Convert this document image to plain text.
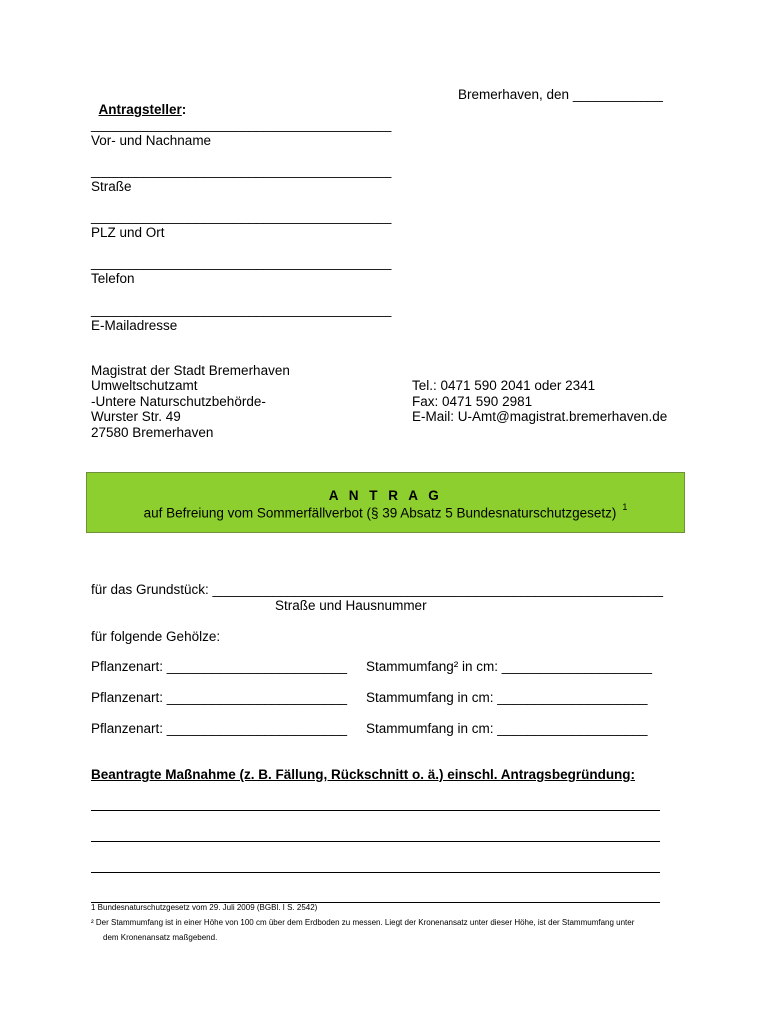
Antragsteller:

Bremerhaven, den ____________
________________________________________
Vor- und Nachname
________________________________________
Straße
________________________________________
PLZ und Ort
________________________________________
Telefon
________________________________________
E-Mailadresse
Magistrat der Stadt Bremerhaven
Umweltschutzamt
-Untere Naturschutzbehörde-
Wurster Str. 49
27580 Bremerhaven
Tel.: 0471 590 2041 oder 2341
Fax: 0471 590 2981
E-Mail: U-Amt@magistrat.bremerhaven.de
A N T R A G
auf Befreiung vom Sommerfällverbot (§ 39 Absatz 5 Bundesnaturschutzgesetz) $^1$
für das Grundstück: ____________________________________________________________
Straße und Hausnummer
für folgende Gehölze:
Pflanzenart: ________________________ Stammumfang² in cm: ____________________
Pflanzenart: ________________________ Stammumfang in cm: ____________________
Pflanzenart: ________________________ Stammumfang in cm: ____________________
Beantragte Maßnahme (z. B. Fällung, Rückschnitt o. ä.) einschl. Antragsbegründung:
1 Bundesnaturschutzgesetz vom 29. Juli 2009 (BGBl. I S. 2542)
² Der Stammumfang ist in einer Höhe von 100 cm über dem Erdboden zu messen. Liegt der Kronenansatz unter dieser Höhe, ist der Stammumfang unter
dem Kronenansatz maßgebend.
